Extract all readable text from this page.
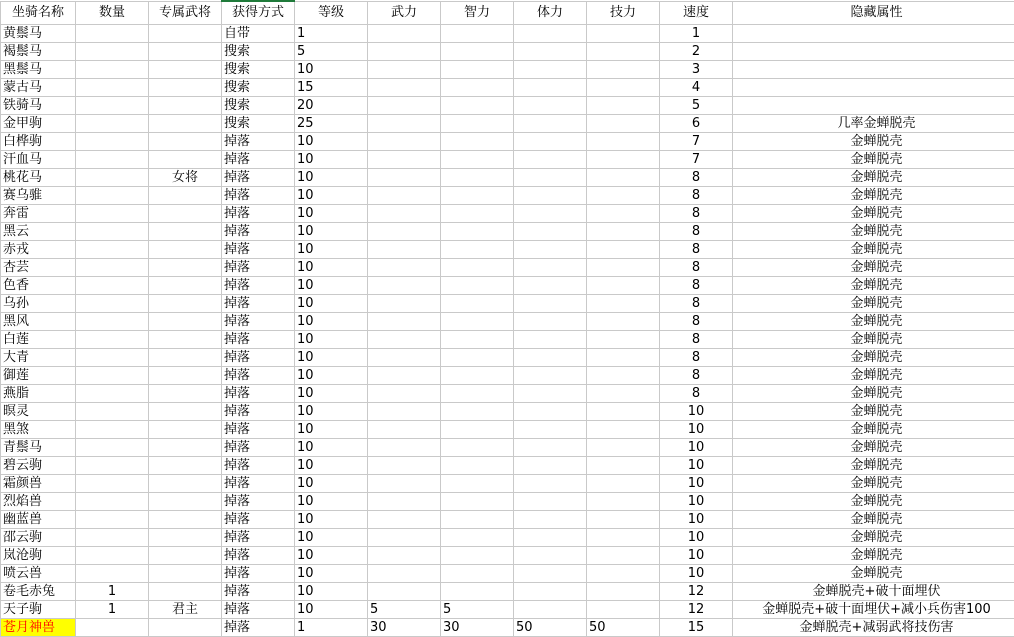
坐骑名称	数量	专属武将	获得方式	等级	武力	智力	体力	技力	速度	隐藏属性
黄鬃马			自带	1					1	
褐鬃马			搜索	5					2	
黑鬃马			搜索	10					3	
蒙古马			搜索	15					4	
铁骑马			搜索	20					5	
金甲驹			搜索	25					6	几率金蝉脱壳
白桦驹			掉落	10					7	金蝉脱壳
汗血马			掉落	10					7	金蝉脱壳
桃花马		女将	掉落	10					8	金蝉脱壳
赛乌骓			掉落	10					8	金蝉脱壳
奔雷			掉落	10					8	金蝉脱壳
黑云			掉落	10					8	金蝉脱壳
赤戎			掉落	10					8	金蝉脱壳
杏芸			掉落	10					8	金蝉脱壳
色香			掉落	10					8	金蝉脱壳
乌孙			掉落	10					8	金蝉脱壳
黑风			掉落	10					8	金蝉脱壳
白莲			掉落	10					8	金蝉脱壳
大青			掉落	10					8	金蝉脱壳
御莲			掉落	10					8	金蝉脱壳
燕脂			掉落	10					8	金蝉脱壳
暝灵			掉落	10					10	金蝉脱壳
黑煞			掉落	10					10	金蝉脱壳
青鬃马			掉落	10					10	金蝉脱壳
碧云驹			掉落	10					10	金蝉脱壳
霜颜兽			掉落	10					10	金蝉脱壳
烈焰兽			掉落	10					10	金蝉脱壳
幽蓝兽			掉落	10					10	金蝉脱壳
邵云驹			掉落	10					10	金蝉脱壳
岚沧驹			掉落	10					10	金蝉脱壳
喷云兽			掉落	10					10	金蝉脱壳
卷毛赤兔	1		掉落	10					12	金蝉脱壳+破十面埋伏
天子驹	1	君主	掉落	10	5	5			12	金蝉脱壳+破十面埋伏+减小兵伤害100
苍月神兽			掉落	1	30	30	50	50	15	金蝉脱壳+减弱武将技伤害
